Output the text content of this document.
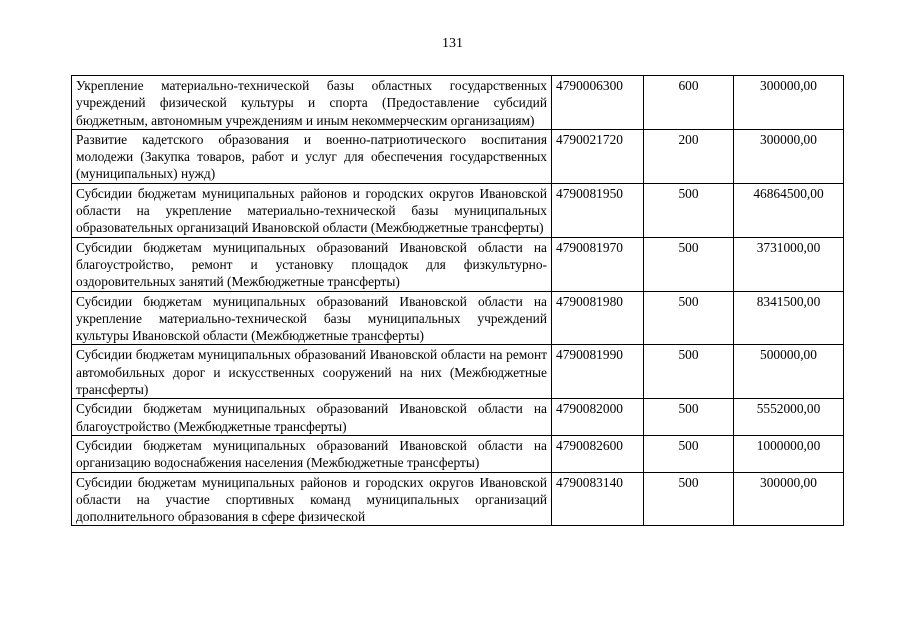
131
Укрепление материально-технической базы областных государственных учреждений физической культуры и спорта (Предоставление субсидий бюджетным, автономным учреждениям и иным некоммерческим организациям)	4790006300	600	300000,00
Развитие кадетского образования и военно-патриотического воспитания молодежи (Закупка товаров, работ и услуг для обеспечения государственных (муниципальных) нужд)	4790021720	200	300000,00
Субсидии бюджетам муниципальных районов и городских округов Ивановской области на укрепление материально-технической базы муниципальных образовательных организаций Ивановской области (Межбюджетные трансферты)	4790081950	500	46864500,00
Субсидии бюджетам муниципальных образований Ивановской области на благоустройство, ремонт и установку площадок для физкультурно-оздоровительных занятий (Межбюджетные трансферты)	4790081970	500	3731000,00
Субсидии бюджетам муниципальных образований Ивановской области на укрепление материально-технической базы муниципальных учреждений культуры Ивановской области (Межбюджетные трансферты)	4790081980	500	8341500,00
Субсидии бюджетам муниципальных образований Ивановской области на ремонт автомобильных дорог и искусственных сооружений на них (Межбюджетные трансферты)	4790081990	500	500000,00
Субсидии бюджетам муниципальных образований Ивановской области на благоустройство (Межбюджетные трансферты)	4790082000	500	5552000,00
Субсидии бюджетам муниципальных образований Ивановской области на организацию водоснабжения населения (Межбюджетные трансферты)	4790082600	500	1000000,00
Субсидии бюджетам муниципальных районов и городских округов Ивановской области на участие спортивных команд муниципальных организаций дополнительного образования в сфере физической	4790083140	500	300000,00
